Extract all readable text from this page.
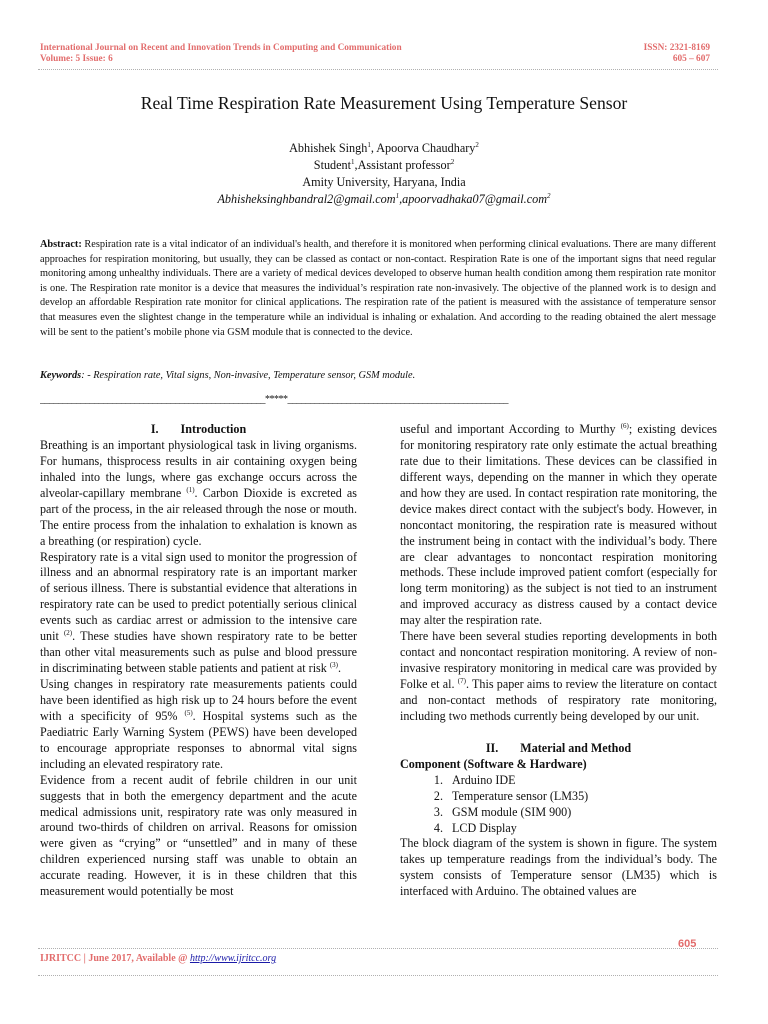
International Journal on Recent and Innovation Trends in Computing and Communication
Volume: 5 Issue: 6
ISSN: 2321-8169
605 – 607
Real Time Respiration Rate Measurement Using Temperature Sensor
Abhishek Singh$^1$, Apoorva Chaudhary$^2$
Student$^1$,Assistant professor$^2$
Amity University, Haryana, India
Abhisheksinghbandral2@gmail.com$^1$,apoorvadhaka07@gmail.com$^2$
Abstract: Respiration rate is a vital indicator of an individual's health, and therefore it is monitored when performing clinical evaluations. There are many different approaches for respiration monitoring, but usually, they can be classed as contact or non-contact. Respiration Rate is one of the important signs that need regular monitoring among unhealthy individuals. There are a variety of medical devices developed to observe human health condition among them respiration rate monitor is one. The Respiration rate monitor is a device that measures the individual’s respiration rate non-invasively. The objective of the planned work is to design and develop an affordable Respiration rate monitor for clinical applications. The respiration rate of the patient is measured with the assistance of temperature sensor that measures even the slightest change in the temperature while an individual is inhaling or exhalation. And according to the reading obtained the alert message will be sent to the patient’s mobile phone via GSM module that is connected to the device.
Keywords: - Respiration rate, Vital signs, Non-invasive, Temperature sensor, GSM module.
__________________________________________________*****_________________________________________________
I. Introduction

Breathing is an important physiological task in living organisms. For humans, thisprocess results in air containing oxygen being inhaled into the lungs, where gas exchange occurs across the alveolar-capillary membrane $^{(1)}$. Carbon Dioxide is excreted as part of the process, in the air released through the nose or mouth. The entire process from the inhalation to exhalation is known as a breathing (or respiration) cycle.

Respiratory rate is a vital sign used to monitor the progression of illness and an abnormal respiratory rate is an important marker of serious illness. There is substantial evidence that alterations in respiratory rate can be used to predict potentially serious clinical events such as cardiac arrest or admission to the intensive care unit $^{(2)}$. These studies have shown respiratory rate to be better than other vital measurements such as pulse and blood pressure in discriminating between stable patients and patient at risk $^{(3)}$.

Using changes in respiratory rate measurements patients could have been identified as high risk up to 24 hours before the event with a specificity of 95% $^{(5)}$. Hospital systems such as the Paediatric Early Warning System (PEWS) have been developed to encourage appropriate responses to abnormal vital signs including an elevated respiratory rate.

Evidence from a recent audit of febrile children in our unit suggests that in both the emergency department and the acute medical admissions unit, respiratory rate was only measured in around two-thirds of children on arrival. Reasons for omission were given as “crying” or “unsettled” and in many of these children experienced nursing staff was unable to obtain an accurate reading. However, it is in these children that this measurement would potentially be most

useful and important According to Murthy $^{(6)}$; existing devices for monitoring respiratory rate only estimate the actual breathing rate due to their limitations. These devices can be classified in different ways, depending on the manner in which they operate and how they are used. In contact respiration rate monitoring, the device makes direct contact with the subject's body. However, in noncontact monitoring, the respiration rate is measured without the instrument being in contact with the individual’s body. There are clear advantages to noncontact respiration monitoring methods. These include improved patient comfort (especially for long term monitoring) as the subject is not tied to an instrument and improved accuracy as distress caused by a contact device may alter the respiration rate.

There have been several studies reporting developments in both contact and noncontact respiration monitoring. A review of non-invasive respiratory monitoring in medical care was provided by Folke et al. $^{(7)}$. This paper aims to review the literature on contact and non-contact methods of respiratory rate monitoring, including two methods currently being developed by our unit.

II. Material and Method
Component (Software & Hardware)
1. Arduino IDE
2. Temperature sensor (LM35)
3. GSM module (SIM 900)
4. LCD Display

The block diagram of the system is shown in figure. The system takes up temperature readings from the individual’s body. The system consists of Temperature sensor (LM35) which is interfaced with Arduino. The obtained values are

605
IJRITCC | June 2017, Available @ http://www.ijritcc.org
